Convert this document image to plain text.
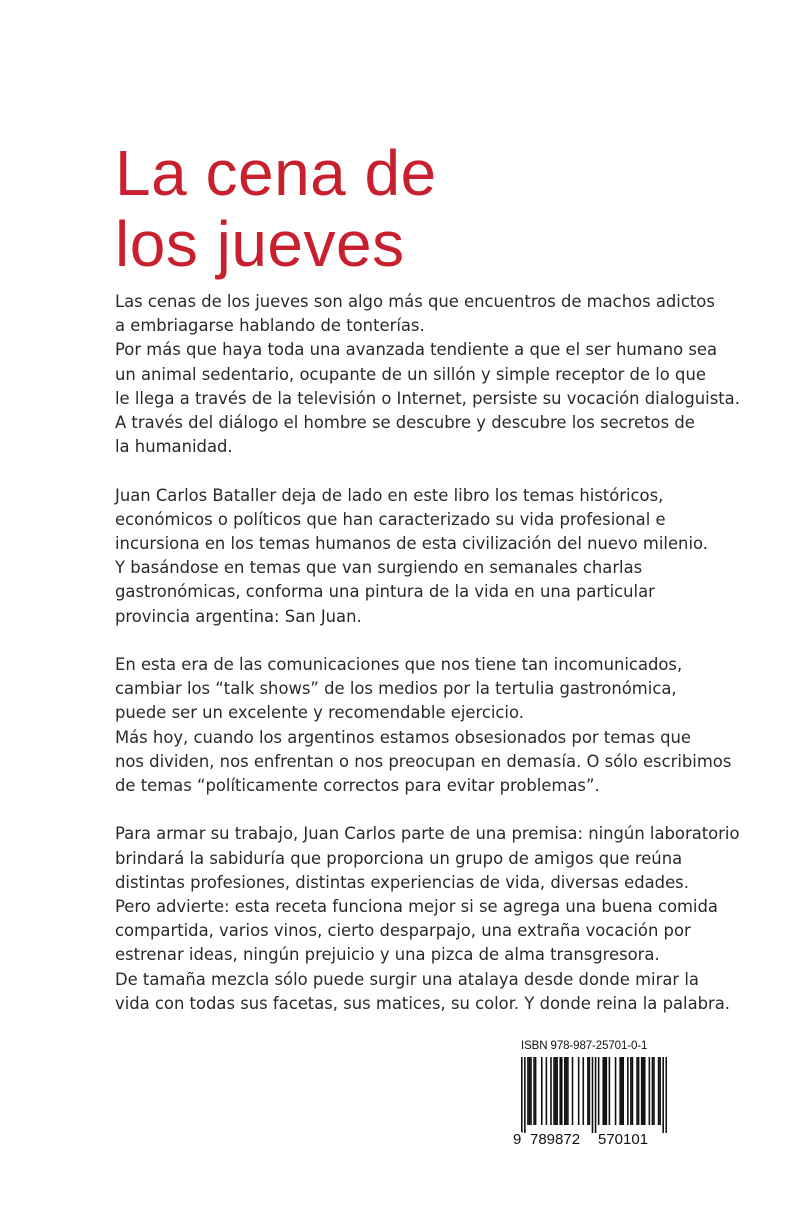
La cena de
los jueves

Las cenas de los jueves son algo más que encuentros de machos adictos
a embriagarse hablando de tonterías.
Por más que haya toda una avanzada tendiente a que el ser humano sea
un animal sedentario, ocupante de un sillón y simple receptor de lo que
le llega a través de la televisión o Internet, persiste su vocación dialoguista.
A través del diálogo el hombre se descubre y descubre los secretos de
la humanidad.

Juan Carlos Bataller deja de lado en este libro los temas históricos,
económicos o políticos que han caracterizado su vida profesional e
incursiona en los temas humanos de esta civilización del nuevo milenio.
Y basándose en temas que van surgiendo en semanales charlas
gastronómicas, conforma una pintura de la vida en una particular
provincia argentina: San Juan.

En esta era de las comunicaciones que nos tiene tan incomunicados,
cambiar los “talk shows” de los medios por la tertulia gastronómica,
puede ser un excelente y recomendable ejercicio.
Más hoy, cuando los argentinos estamos obsesionados por temas que
nos dividen, nos enfrentan o nos preocupan en demasía. O sólo escribimos
de temas “políticamente correctos para evitar problemas”.

Para armar su trabajo, Juan Carlos parte de una premisa: ningún laboratorio
brindará la sabiduría que proporciona un grupo de amigos que reúna
distintas profesiones, distintas experiencias de vida, diversas edades.
Pero advierte: esta receta funciona mejor si se agrega una buena comida
compartida, varios vinos, cierto desparpajo, una extraña vocación por
estrenar ideas, ningún prejuicio y una pizca de alma transgresora.
De tamaña mezcla sólo puede surgir una atalaya desde donde mirar la
vida con todas sus facetas, sus matices, su color. Y donde reina la palabra.

ISBN 978-987-25701-0-1
9 789872 570101
